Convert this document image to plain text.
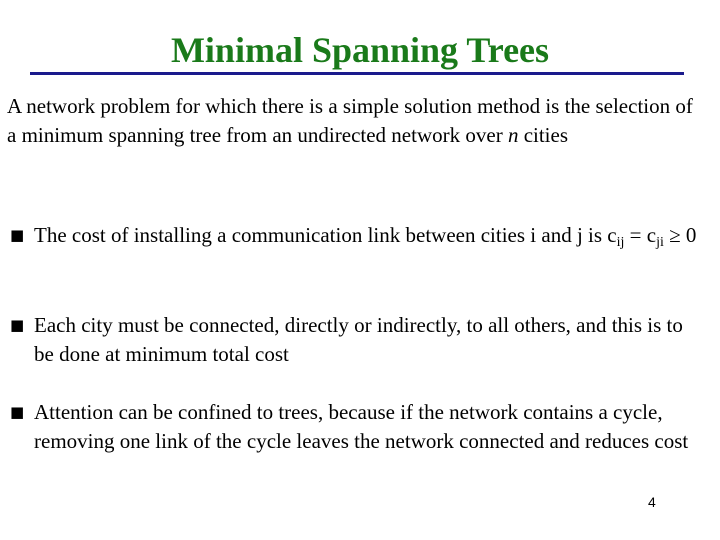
Minimal Spanning Trees
A network problem for which there is a simple solution method is the selection of a minimum spanning tree from an undirected network over n cities
■ The cost of installing a communication link between cities i and j is $c_{ij} = c_{ji} \ge 0$
■ Each city must be connected, directly or indirectly, to all others, and this is to be done at minimum total cost
■ Attention can be confined to trees, because if the network contains a cycle, removing one link of the cycle leaves the network connected and reduces cost
4
